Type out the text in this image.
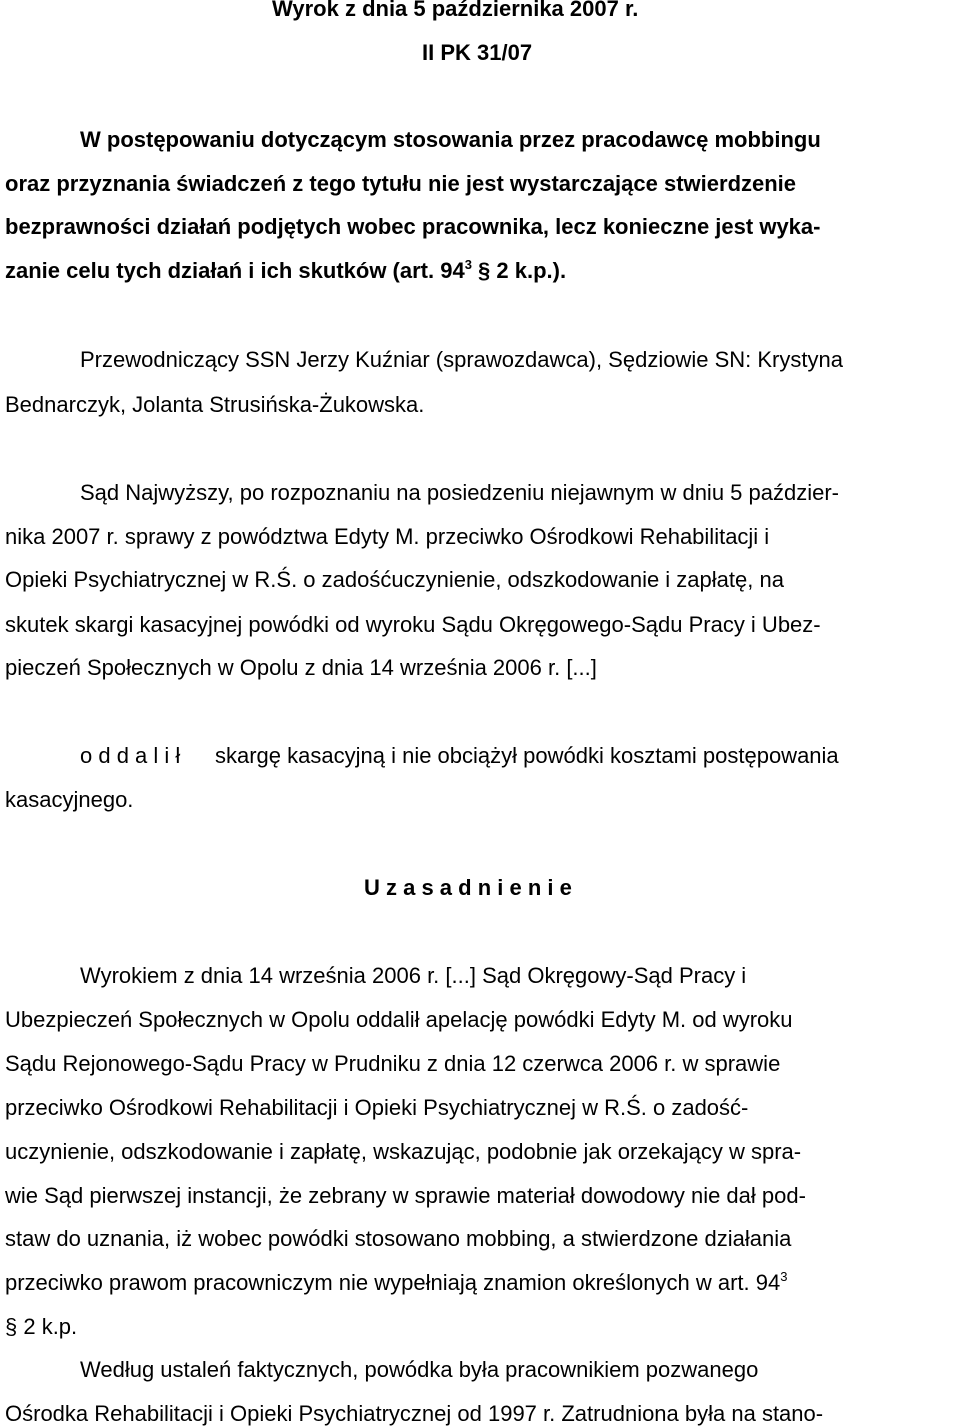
Wyrok z dnia 5 października 2007 r.
II PK 31/07
W postępowaniu dotyczącym stosowania przez pracodawcę mobbingu
oraz przyznania świadczeń z tego tytułu nie jest wystarczające stwierdzenie
bezprawności działań podjętych wobec pracownika, lecz konieczne jest wyka-
zanie celu tych działań i ich skutków (art. $94^3$ § 2 k.p.).
Przewodniczący SSN Jerzy Kuźniar (sprawozdawca), Sędziowie SN: Krystyna
Bednarczyk, Jolanta Strusińska-Żukowska.
Sąd Najwyższy, po rozpoznaniu na posiedzeniu niejawnym w dniu 5 paździer-
nika 2007 r. sprawy z powództwa Edyty M. przeciwko Ośrodkowi Rehabilitacji i
Opieki Psychiatrycznej w R.Ś. o zadośćuczynienie, odszkodowanie i zapłatę, na
skutek skargi kasacyjnej powódki od wyroku Sądu Okręgowego-Sądu Pracy i Ubez-
pieczeń Społecznych w Opolu z dnia 14 września 2006 r. [...]
o d d a l i ł skargę kasacyjną i nie obciążył powódki kosztami postępowania
kasacyjnego.
U z a s a d n i e n i e
Wyrokiem z dnia 14 września 2006 r. [...] Sąd Okręgowy-Sąd Pracy i
Ubezpieczeń Społecznych w Opolu oddalił apelację powódki Edyty M. od wyroku
Sądu Rejonowego-Sądu Pracy w Prudniku z dnia 12 czerwca 2006 r. w sprawie
przeciwko Ośrodkowi Rehabilitacji i Opieki Psychiatrycznej w R.Ś. o zadość-
uczynienie, odszkodowanie i zapłatę, wskazując, podobnie jak orzekający w spra-
wie Sąd pierwszej instancji, że zebrany w sprawie materiał dowodowy nie dał pod-
staw do uznania, iż wobec powódki stosowano mobbing, a stwierdzone działania
przeciwko prawom pracowniczym nie wypełniają znamion określonych w art. $94^3$
§ 2 k.p.
Według ustaleń faktycznych, powódka była pracownikiem pozwanego
Ośrodka Rehabilitacji i Opieki Psychiatrycznej od 1997 r. Zatrudniona była na stano-
